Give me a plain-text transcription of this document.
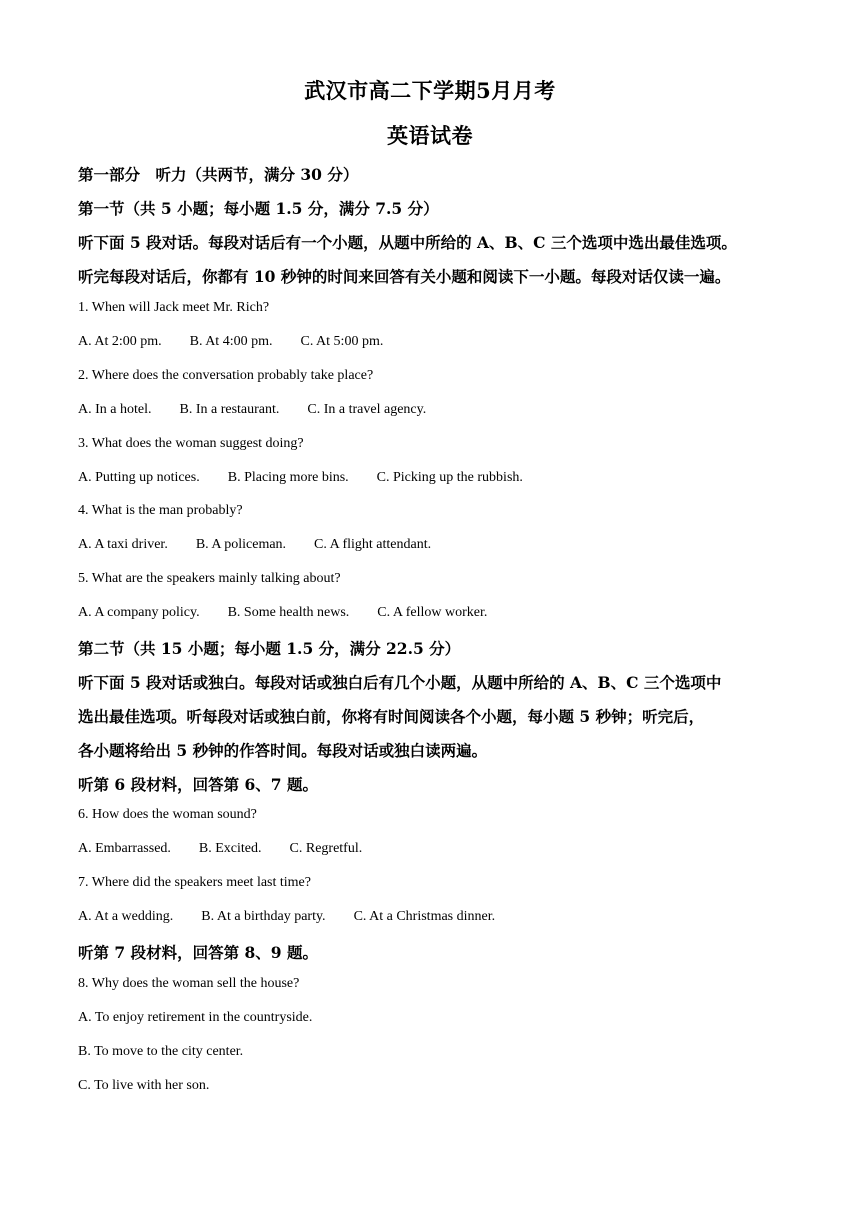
武汉市高二下学期5月月考
英语试卷
第一部分　听力（共两节，满分 30 分）
第一节（共 5 小题；每小题 1.5 分，满分 7.5 分）
听下面 5 段对话。每段对话后有一个小题，从题中所给的 A、B、C 三个选项中选出最佳选项。
听完每段对话后，你都有 10 秒钟的时间来回答有关小题和阅读下一小题。每段对话仅读一遍。
1. When will Jack meet Mr. Rich?
A. At 2:00 pm. B. At 4:00 pm. C. At 5:00 pm.
2. Where does the conversation probably take place?
A. In a hotel. B. In a restaurant. C. In a travel agency.
3. What does the woman suggest doing?
A. Putting up notices. B. Placing more bins. C. Picking up the rubbish.
4. What is the man probably?
A. A taxi driver. B. A policeman. C. A flight attendant.
5. What are the speakers mainly talking about?
A. A company policy. B. Some health news. C. A fellow worker.
第二节（共 15 小题；每小题 1.5 分，满分 22.5 分）
听下面 5 段对话或独白。每段对话或独白后有几个小题，从题中所给的 A、B、C 三个选项中
选出最佳选项。听每段对话或独白前，你将有时间阅读各个小题，每小题 5 秒钟；听完后，
各小题将给出 5 秒钟的作答时间。每段对话或独白读两遍。
听第 6 段材料，回答第 6、7 题。
6. How does the woman sound?
A. Embarrassed. B. Excited. C. Regretful.
7. Where did the speakers meet last time?
A. At a wedding. B. At a birthday party. C. At a Christmas dinner.
听第 7 段材料，回答第 8、9 题。
8. Why does the woman sell the house?
A. To enjoy retirement in the countryside.
B. To move to the city center.
C. To live with her son.
